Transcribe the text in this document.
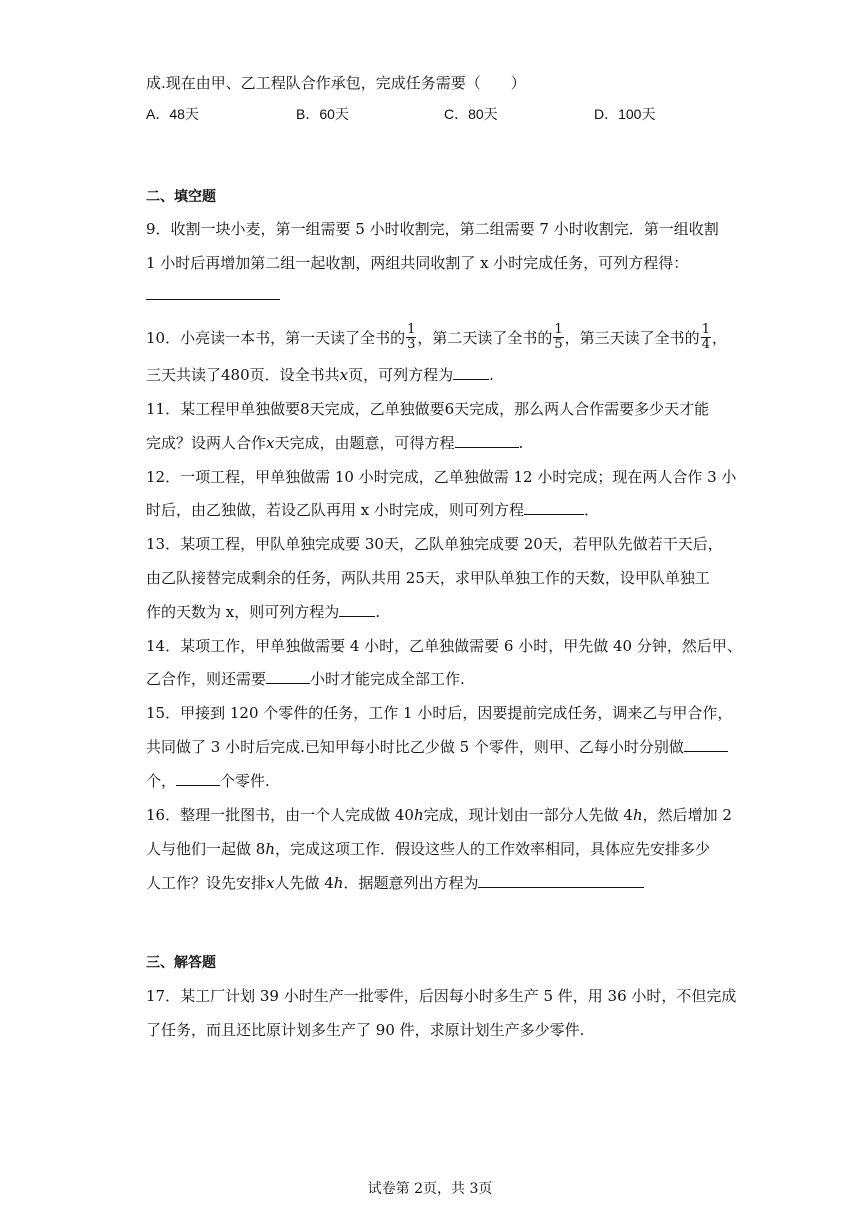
成.现在由甲、乙工程队合作承包，完成任务需要（　　）
A．48天	B．60天	C．80天	D．100天
二、填空题
9．收割一块小麦，第一组需要 5 小时收割完，第二组需要 7 小时收割完．第一组收割
1 小时后再增加第二组一起收割，两组共同收割了 x 小时完成任务，可列方程得：
10．小亮读一本书，第一天读了全书的 $\frac{1}{3}$ ，第二天读了全书的 $\frac{1}{5}$ ，第三天读了全书的 $\frac{1}{4}$ ，
三天共读了480页．设全书共x页，可列方程为 .
11．某工程甲单独做要8天完成，乙单独做要6天完成，那么两人合作需要多少天才能
完成？设两人合作x天完成，由题意，可得方程	.
12．一项工程，甲单独做需 10 小时完成，乙单独做需 12 小时完成；现在两人合作 3 小
时后，由乙独做，若设乙队再用 x 小时完成，则可列方程	．
13．某项工程，甲队单独完成要 30天，乙队单独完成要 20天，若甲队先做若干天后，
由乙队接替完成剩余的任务，两队共用 25天，求甲队单独工作的天数，设甲队单独工
作的天数为 x，则可列方程为 .
14．某项工作，甲单独做需要 4 小时，乙单独做需要 6 小时，甲先做 40 分钟，然后甲、
乙合作，则还需要	小时才能完成全部工作.
15．甲接到 120 个零件的任务，工作 1 小时后，因要提前完成任务，调来乙与甲合作，
共同做了 3 小时后完成.已知甲每小时比乙少做 5 个零件，则甲、乙每小时分别做
个，	个零件.
16．整理一批图书，由一个人完成做 40h完成，现计划由一部分人先做 4h，然后增加 2
人与他们一起做 8h，完成这项工作．假设这些人的工作效率相同，具体应先安排多少
人工作？设先安排x人先做 4h．据题意列出方程为
三、解答题
17．某工厂计划 39 小时生产一批零件，后因每小时多生产 5 件，用 36 小时，不但完成
了任务，而且还比原计划多生产了 90 件，求原计划生产多少零件.
试卷第 2页，共 3页
